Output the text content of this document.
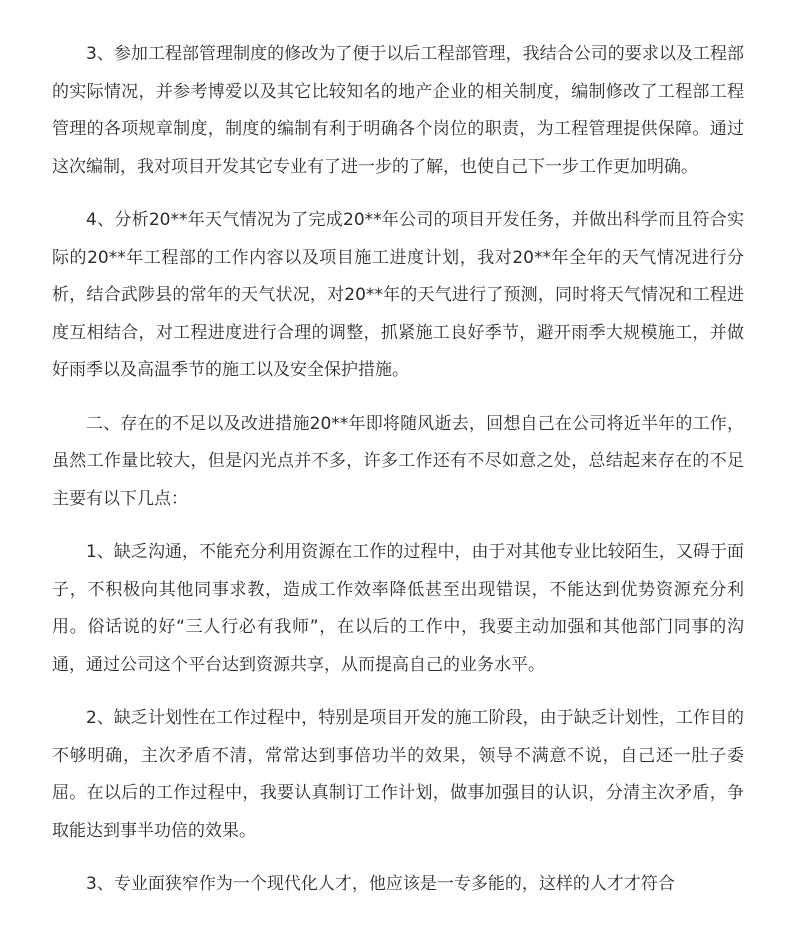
3、参加工程部管理制度的修改为了便于以后工程部管理，我结合公司的要求以及工程部的实际情况，并参考博爱以及其它比较知名的地产企业的相关制度，编制修改了工程部工程管理的各项规章制度，制度的编制有利于明确各个岗位的职责，为工程管理提供保障。通过这次编制，我对项目开发其它专业有了进一步的了解，也使自己下一步工作更加明确。

4、分析20**年天气情况为了完成20**年公司的项目开发任务，并做出科学而且符合实际的20**年工程部的工作内容以及项目施工进度计划，我对20**年全年的天气情况进行分析，结合武陟县的常年的天气状况，对20**年的天气进行了预测，同时将天气情况和工程进度互相结合，对工程进度进行合理的调整，抓紧施工良好季节，避开雨季大规模施工，并做好雨季以及高温季节的施工以及安全保护措施。

二、存在的不足以及改进措施20**年即将随风逝去，回想自己在公司将近半年的工作，虽然工作量比较大，但是闪光点并不多，许多工作还有不尽如意之处，总结起来存在的不足主要有以下几点：

1、缺乏沟通，不能充分利用资源在工作的过程中，由于对其他专业比较陌生，又碍于面子，不积极向其他同事求教，造成工作效率降低甚至出现错误，不能达到优势资源充分利用。俗话说的好“三人行必有我师”，在以后的工作中，我要主动加强和其他部门同事的沟通，通过公司这个平台达到资源共享，从而提高自己的业务水平。

2、缺乏计划性在工作过程中，特别是项目开发的施工阶段，由于缺乏计划性，工作目的不够明确，主次矛盾不清，常常达到事倍功半的效果，领导不满意不说，自己还一肚子委屈。在以后的工作过程中，我要认真制订工作计划，做事加强目的认识，分清主次矛盾，争取能达到事半功倍的效果。

3、专业面狭窄作为一个现代化人才，他应该是一专多能的，这样的人才才符合
